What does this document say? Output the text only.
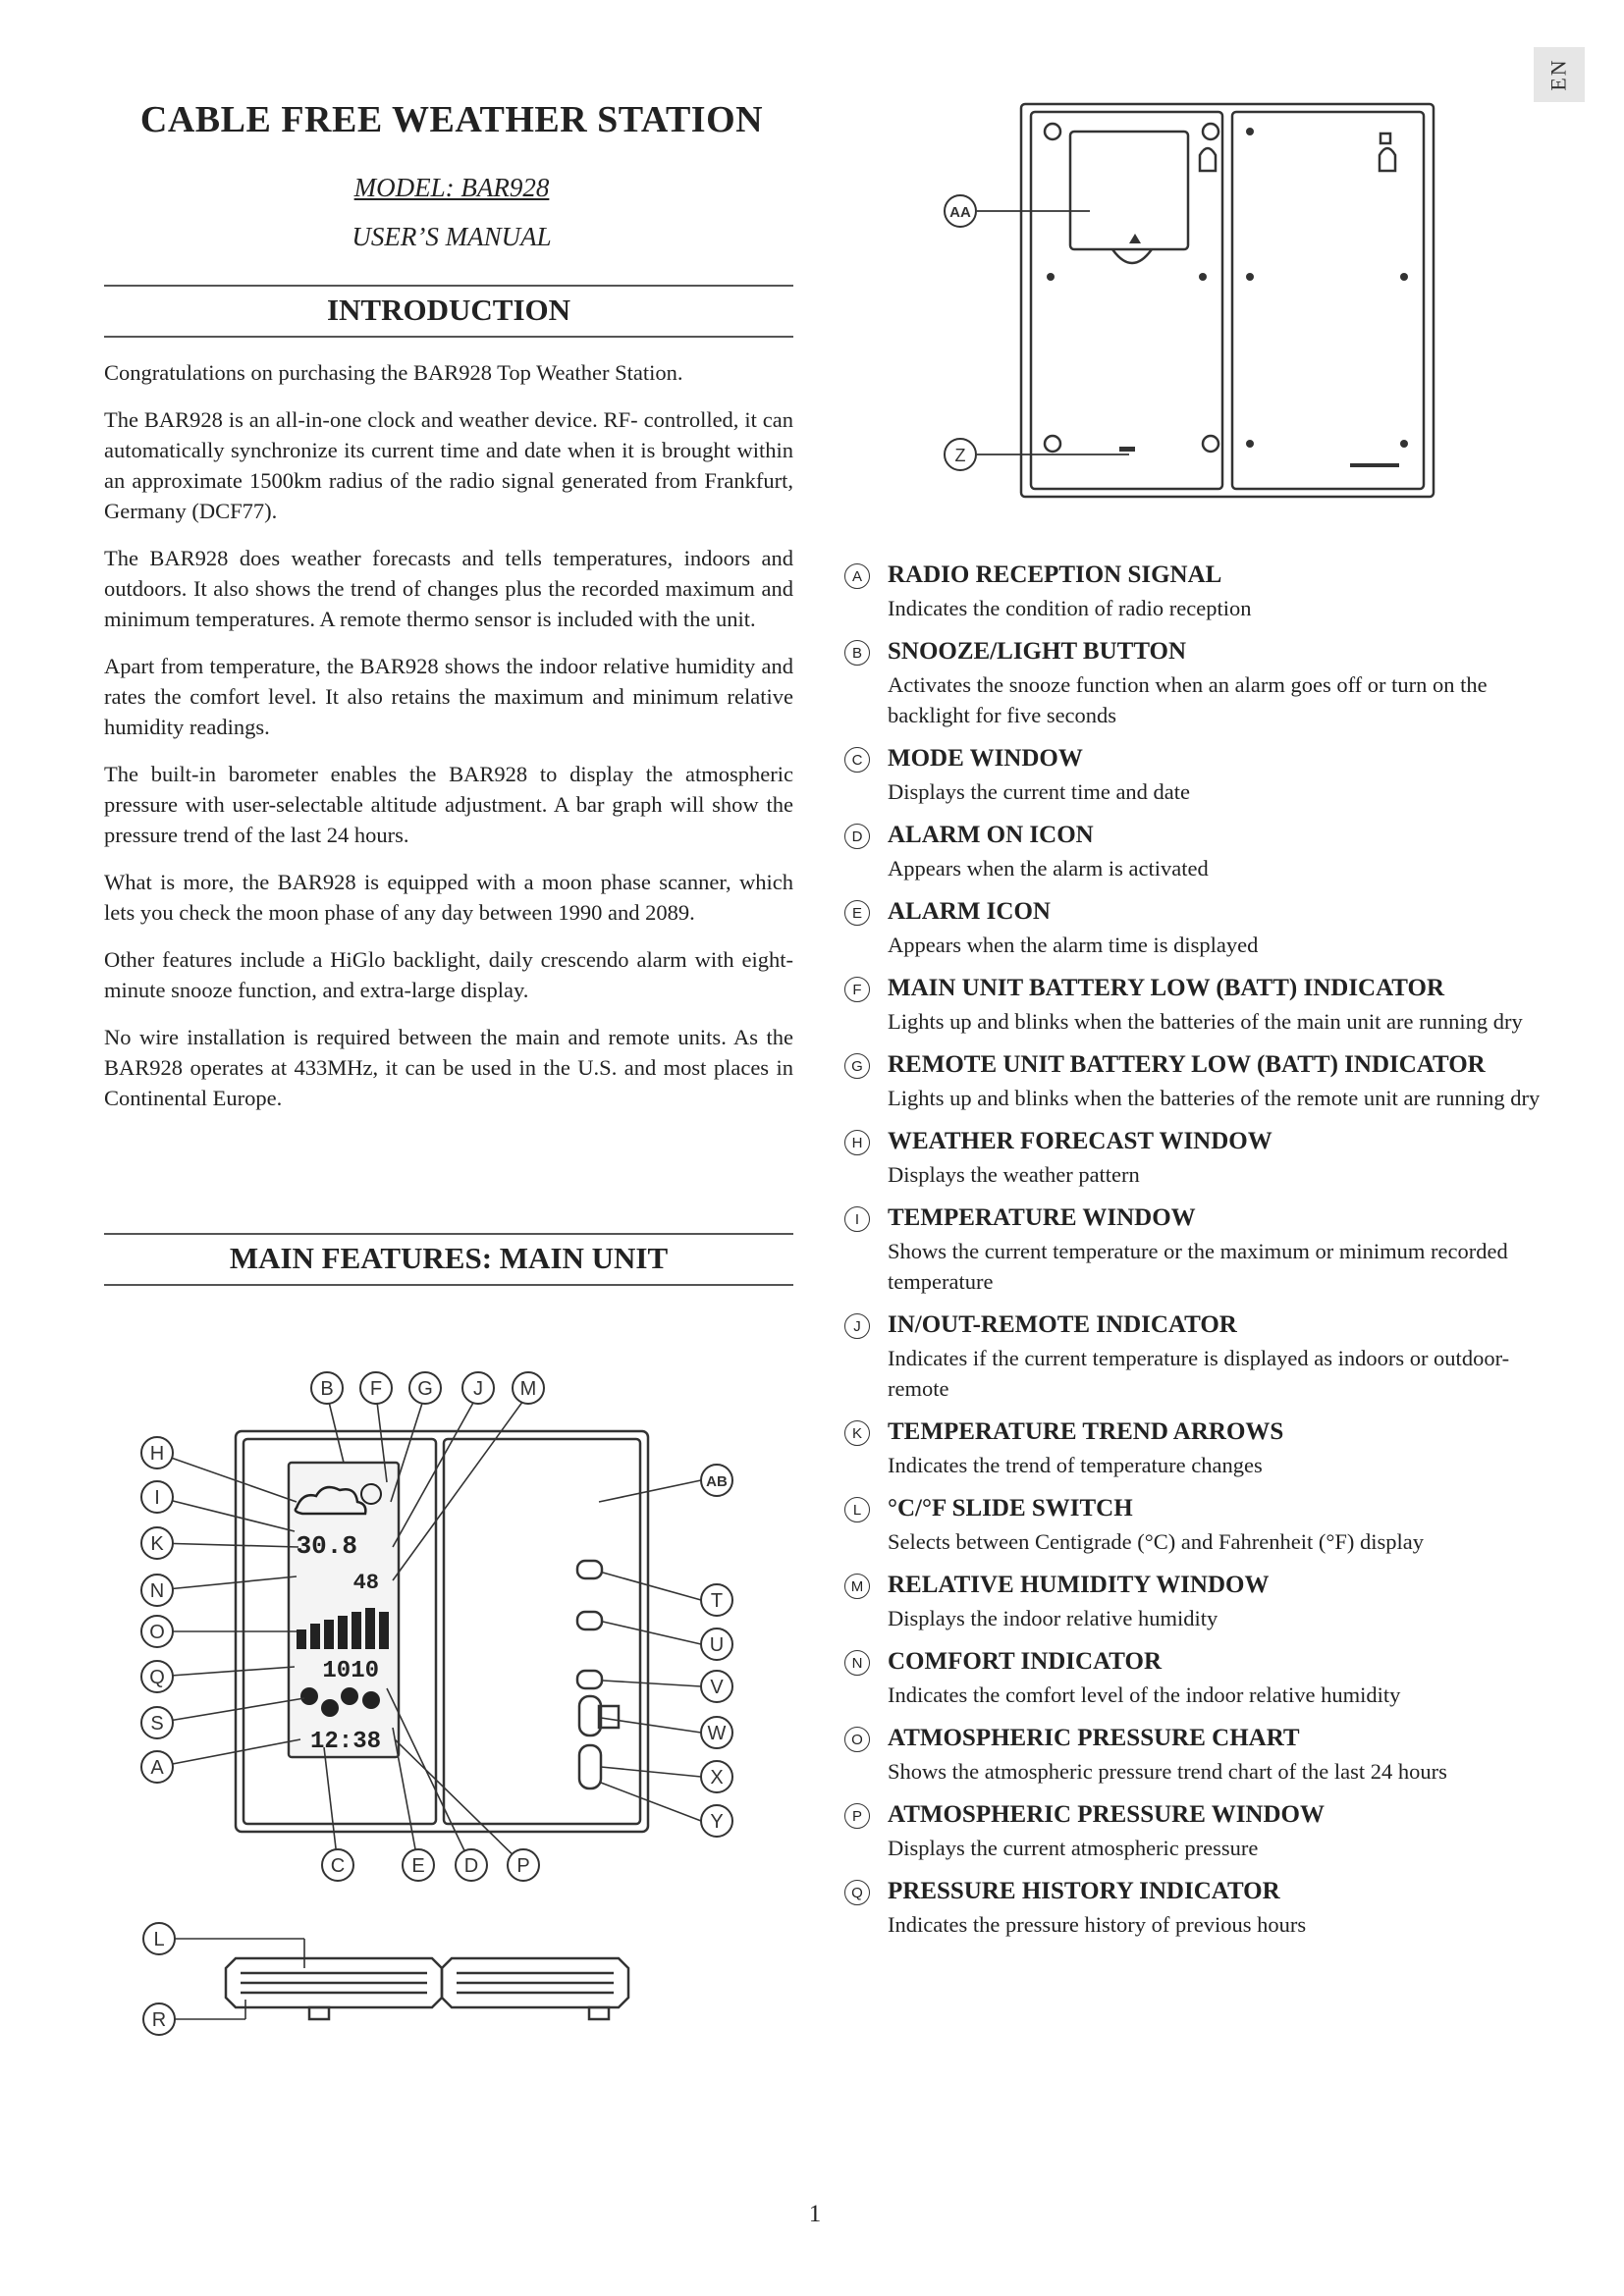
EN
CABLE FREE WEATHER STATION
MODEL: BAR928
USER’S MANUAL
INTRODUCTION

Congratulations on purchasing the BAR928 Top Weather Station.

The BAR928 is an all-in-one clock and weather device. RF- controlled, it can automatically synchronize its current time and date when it is brought within an approximate 1500km radius of the radio signal generated from Frankfurt, Germany (DCF77).

The BAR928 does weather forecasts and tells temperatures, indoors and outdoors. It also shows the trend of changes plus the recorded maximum and minimum temperatures. A remote thermo sensor is included with the unit.

Apart from temperature, the BAR928 shows the indoor relative humidity and rates the comfort level. It also retains the maximum and minimum relative humidity readings.

The built-in barometer enables the BAR928 to display the atmospheric pressure with user-selectable altitude adjustment. A bar graph will show the pressure trend of the last 24 hours.

What is more, the BAR928 is equipped with a moon phase scanner, which lets you check the moon phase of any day between 1990 and 2089.

Other features include a HiGlo backlight, daily crescendo alarm with eight-minute snooze function, and extra-large display.

No wire installation is required between the main and remote units. As the BAR928 operates at 433MHz, it can be used in the U.S. and most places in Continental Europe.

MAIN FEATURES: MAIN UNIT
AA
Z
30.8
48
1010
12:38
B F G J M
H
I
K
N
O
Q
S
A
AB
T
U
V
W
X
Y
C	E D P
L
R
A	RADIO RECEPTION SIGNAL
Indicates the condition of radio reception
B	SNOOZE/LIGHT BUTTON
Activates the snooze function when an alarm goes off or turn on the backlight for five seconds
C	MODE WINDOW
Displays the current time and date
D	ALARM ON ICON
Appears when the alarm is activated
E	ALARM ICON
Appears when the alarm time is displayed
F	MAIN UNIT BATTERY LOW (BATT) INDICATOR
Lights up and blinks when the batteries of the main unit are running dry
G REMOTE UNIT BATTERY LOW (BATT) INDICATOR
Lights up and blinks when the batteries of the remote unit are running dry
H	WEATHER FORECAST WINDOW
Displays the weather pattern
I	TEMPERATURE WINDOW
Shows the current temperature or the maximum or minimum recorded temperature
J	IN/OUT-REMOTE INDICATOR
Indicates if the current temperature is displayed as indoors or outdoor-remote
K	TEMPERATURE TREND ARROWS
Indicates the trend of temperature changes
L	°C/°F SLIDE SWITCH
Selects between Centigrade (°C) and Fahrenheit (°F) display
M RELATIVE HUMIDITY WINDOW
Displays the indoor relative humidity
N	COMFORT INDICATOR
Indicates the comfort level of the indoor relative humidity
O ATMOSPHERIC PRESSURE CHART
Shows the atmospheric pressure trend chart of the last 24 hours
P	ATMOSPHERIC PRESSURE WINDOW
Displays the current atmospheric pressure
Q PRESSURE HISTORY INDICATOR
Indicates the pressure history of previous hours
1
